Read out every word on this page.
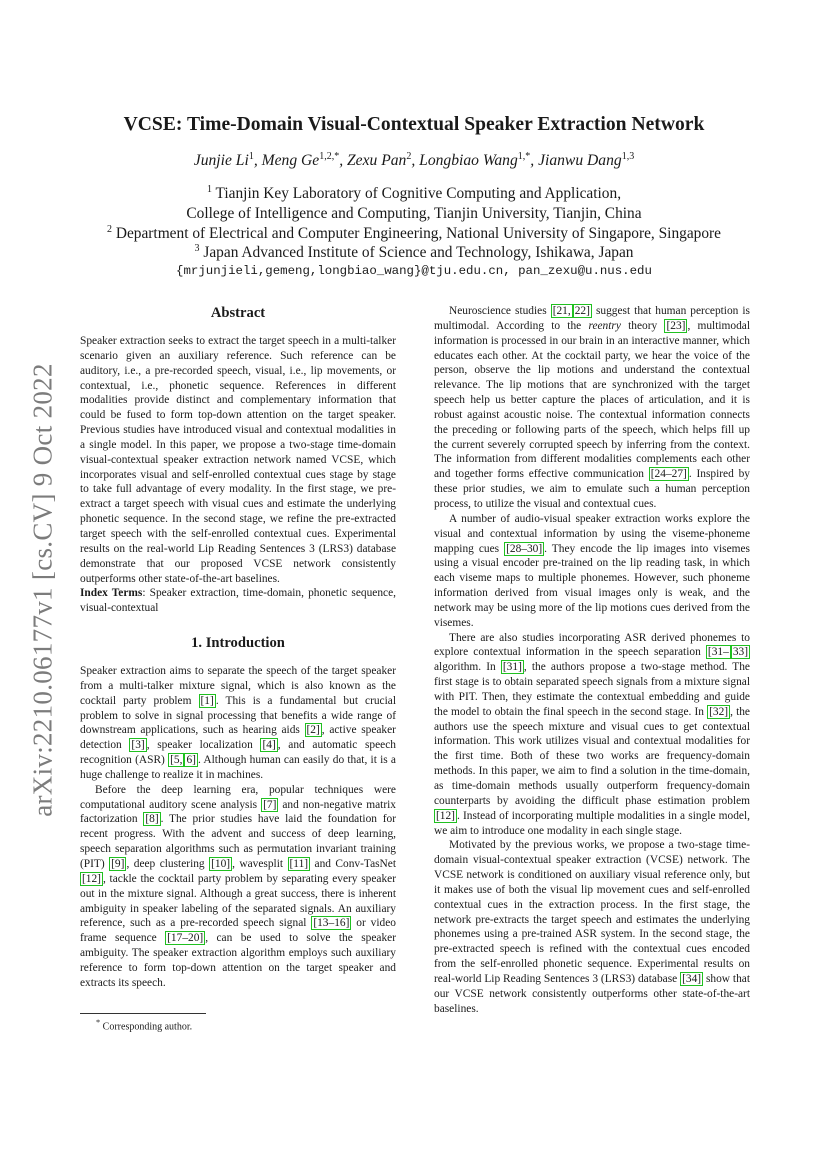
arXiv:2210.06177v1 [cs.CV] 9 Oct 2022
VCSE: Time-Domain Visual-Contextual Speaker Extraction Network
Junjie Li$^1$, Meng $Ge^{1,2,*}$, Zexu Pan$^2$, Longbiao Wang$^{1,*}$, Jianwu Dang$^{1,3}$
$^1$ Tianjin Key Laboratory of Cognitive Computing and Application,
College of Intelligence and Computing, Tianjin University, Tianjin, China
$^2$ Department of Electrical and Computer Engineering, National University of Singapore, Singapore
$^3$ Japan Advanced Institute of Science and Technology, Ishikawa, Japan
{mrjunjieli,gemeng,longbiao_wang}@tju.edu.cn, pan_zexu@u.nus.edu
Abstract

Speaker extraction seeks to extract the target speech in a multi-talker scenario given an auxiliary reference. Such reference can be auditory, i.e., a pre-recorded speech, visual, i.e., lip movements, or contextual, i.e., phonetic sequence. References in different modalities provide distinct and complementary information that could be fused to form top-down attention on the target speaker. Previous studies have introduced visual and contextual modalities in a single model. In this paper, we propose a two-stage time-domain visual-contextual speaker extraction network named VCSE, which incorporates visual and self-enrolled contextual cues stage by stage to take full advantage of every modality. In the first stage, we pre-extract a target speech with visual cues and estimate the underlying phonetic sequence. In the second stage, we refine the pre-extracted target speech with the self-enrolled contextual cues. Experimental results on the real-world Lip Reading Sentences 3 (LRS3) database demonstrate that our proposed VCSE network consistently outperforms other state-of-the-art baselines.

Index Terms: Speaker extraction, time-domain, phonetic sequence, visual-contextual

1. Introduction

Speaker extraction aims to separate the speech of the target speaker from a multi-talker mixture signal, which is also known as the cocktail party problem [1] . This is a fundamental but crucial problem to solve in signal processing that benefits a wide range of downstream applications, such as hearing aids [2] , active speaker detection [3] , speaker localization [4] , and automatic speech recognition (ASR) [5, 6] . Although human can easily do that, it is a huge challenge to realize it in machines.

Before the deep learning era, popular techniques were computational auditory scene analysis [7] and non-negative matrix factorization [8] . The prior studies have laid the foundation for recent progress. With the advent and success of deep learning, speech separation algorithms such as permutation invariant training (PIT) [9] , deep clustering [10] , wavesplit [11] and Conv-TasNet [12] , tackle the cocktail party problem by separating every speaker out in the mixture signal. Although a great success, there is inherent ambiguity in speaker labeling of the separated signals. An auxiliary reference, such as a pre-recorded speech signal [13–16] or video frame sequence [17–20] , can be used to solve the speaker ambiguity. The speaker extraction algorithm employs such auxiliary reference to form top-down attention on the target speaker and extracts its speech.

Neuroscience studies [21, 22] suggest that human perception is multimodal. According to the reentry theory [23] , multimodal information is processed in our brain in an interactive manner, which educates each other. At the cocktail party, we hear the voice of the person, observe the lip motions and understand the contextual relevance. The lip motions that are synchronized with the target speech help us better capture the places of articulation, and it is robust against acoustic noise. The contextual information connects the preceding or following parts of the speech, which helps fill up the current severely corrupted speech by inferring from the context. The information from different modalities complements each other and together forms effective communication [24–27] . Inspired by these prior studies, we aim to emulate such a human perception process, to utilize the visual and contextual cues.

A number of audio-visual speaker extraction works explore the visual and contextual information by using the viseme-phoneme mapping cues [28–30] . They encode the lip images into visemes using a visual encoder pre-trained on the lip reading task, in which each viseme maps to multiple phonemes. However, such phoneme information derived from visual images only is weak, and the network may be using more of the lip motions cues derived from the visemes.

There are also studies incorporating ASR derived phonemes to explore contextual information in the speech separation [31– 33] algorithm. In [31] , the authors propose a two-stage method. The first stage is to obtain separated speech signals from a mixture signal with PIT. Then, they estimate the contextual embedding and guide the model to obtain the final speech in the second stage. In [32] , the authors use the speech mixture and visual cues to get contextual information. This work utilizes visual and contextual modalities for the first time. Both of these two works are frequency-domain methods. In this paper, we aim to find a solution in the time-domain, as time-domain methods usually outperform frequency-domain counterparts by avoiding the difficult phase estimation problem [12] . Instead of incorporating multiple modalities in a single model, we aim to introduce one modality in each single stage.

Motivated by the previous works, we propose a two-stage time-domain visual-contextual speaker extraction (VCSE) network. The VCSE network is conditioned on auxiliary visual reference only, but it makes use of both the visual lip movement cues and self-enrolled contextual cues in the extraction process. In the first stage, the network pre-extracts the target speech and estimates the underlying phonemes using a pre-trained ASR system. In the second stage, the pre-extracted speech is refined with the contextual cues encoded from the self-enrolled phonetic sequence. Experimental results on real-world Lip Reading Sentences 3 (LRS3) database [34] show that our VCSE network consistently outperforms other state-of-the-art baselines.

* Corresponding author.
